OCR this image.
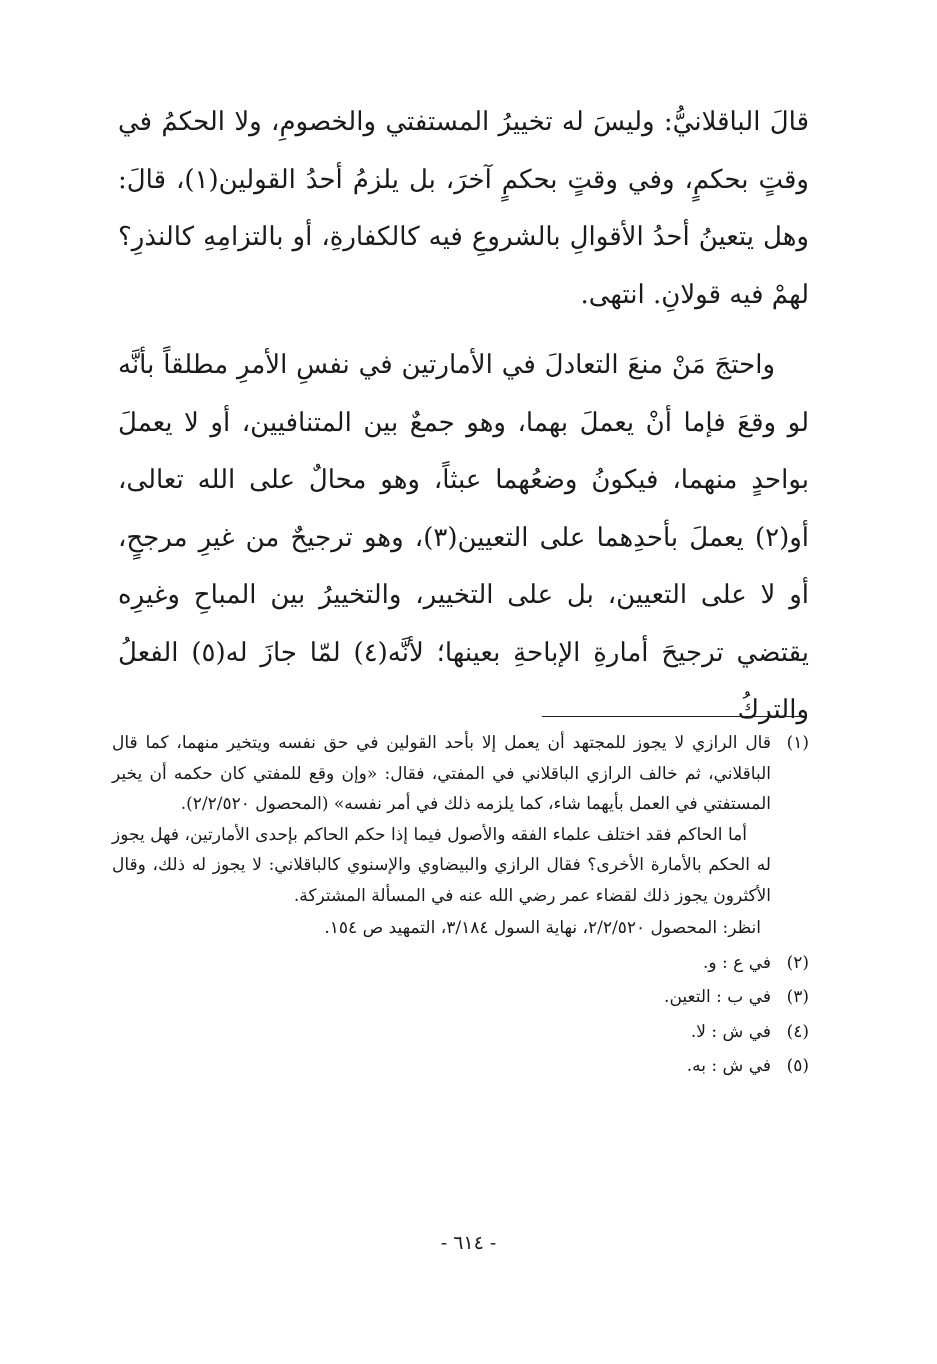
قالَ الباقلانيُّ: وليسَ له تخييرُ المستفتي والخصومِ، ولا الحكمُ في وقتٍ بحكمٍ، وفي وقتٍ بحكمٍ آخرَ، بل يلزمُ أحدُ القولين(١)، قالَ: وهل يتعينُ أحدُ الأقوالِ بالشروعِ فيه كالكفارةِ، أو بالتزامِهِ كالنذرِ؟ لهمْ فيه قولانِ. انتهى.

واحتجَ مَنْ منعَ التعادلَ في الأمارتين في نفسِ الأمرِ مطلقاً بأنَّه لو وقعَ فإما أنْ يعملَ بهما، وهو جمعٌ بين المتنافيين، أو لا يعملَ بواحدٍ منهما، فيكونُ وضعُهما عبثاً، وهو محالٌ على الله تعالى، أو(٢) يعملَ بأحدِهما على التعيين(٣)، وهو ترجيحٌ من غيرِ مرجحٍ، أو لا على التعيين، بل على التخيير، والتخييرُ بين المباحِ وغيرِه يقتضي ترجيحَ أمارةِ الإباحةِ بعينها؛ لأنَّه(٤) لمّا جازَ له(٥) الفعلُ والتركُ

(١)

قال الرازي لا يجوز للمجتهد أن يعمل إلا بأحد القولين في حق نفسه ويتخير منهما، كما قال الباقلاني، ثم خالف الرازي الباقلاني في المفتي، فقال: «وإن وقع للمفتي كان حكمه أن يخير المستفتي في العمل بأيهما شاء، كما يلزمه ذلك في أمر نفسه» (المحصول ٢/٢/٥٢٠).

أما الحاكم فقد اختلف علماء الفقه والأصول فيما إذا حكم الحاكم بإحدى الأمارتين، فهل يجوز له الحكم بالأمارة الأخرى؟ فقال الرازي والبيضاوي والإسنوي كالباقلاني: لا يجوز له ذلك، وقال الأكثرون يجوز ذلك لقضاء عمر رضي الله عنه في المسألة المشتركة.

انظر: المحصول ٢/٢/٥٢٠، نهاية السول ٣/١٨٤، التمهيد ص ١٥٤.

(٢)

في ع : و.

(٣)

في ب : التعين.

(٤)

في ش : لا.

(٥)

في ش : به.

- ٦١٤ -
